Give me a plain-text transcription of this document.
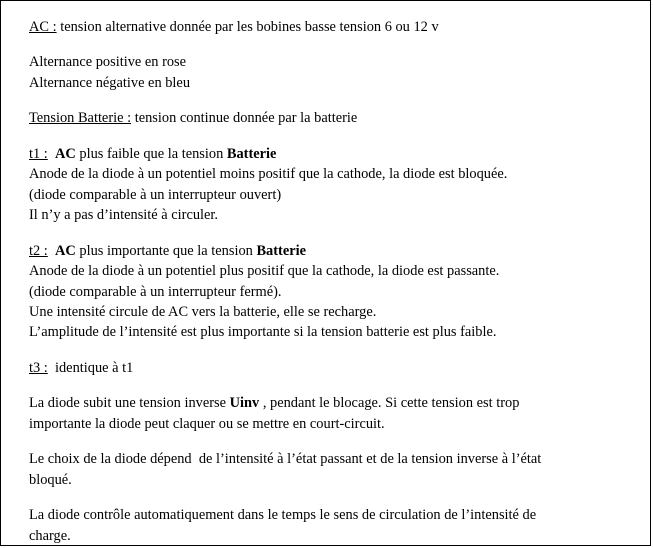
AC : tension alternative donnée par les bobines basse tension 6 ou 12 v
Alternance positive en rose
Alternance négative en bleu
Tension Batterie : tension continue donnée par la batterie
t1 : AC plus faible que la tension Batterie
Anode de la diode à un potentiel moins positif que la cathode, la diode est bloquée.
(diode comparable à un interrupteur ouvert)
Il n’y a pas d’intensité à circuler.
t2 : AC plus importante que la tension Batterie
Anode de la diode à un potentiel plus positif que la cathode, la diode est passante.
(diode comparable à un interrupteur fermé).
Une intensité circule de AC vers la batterie, elle se recharge.
L’amplitude de l’intensité est plus importante si la tension batterie est plus faible.
t3 :  identique à t1
La diode subit une tension inverse Uinv , pendant le blocage. Si cette tension est trop
importante la diode peut claquer ou se mettre en court-circuit.
Le choix de la diode dépend  de l’intensité à l’état passant et de la tension inverse à l’état
bloqué.
La diode contrôle automatiquement dans le temps le sens de circulation de l’intensité de
charge.
